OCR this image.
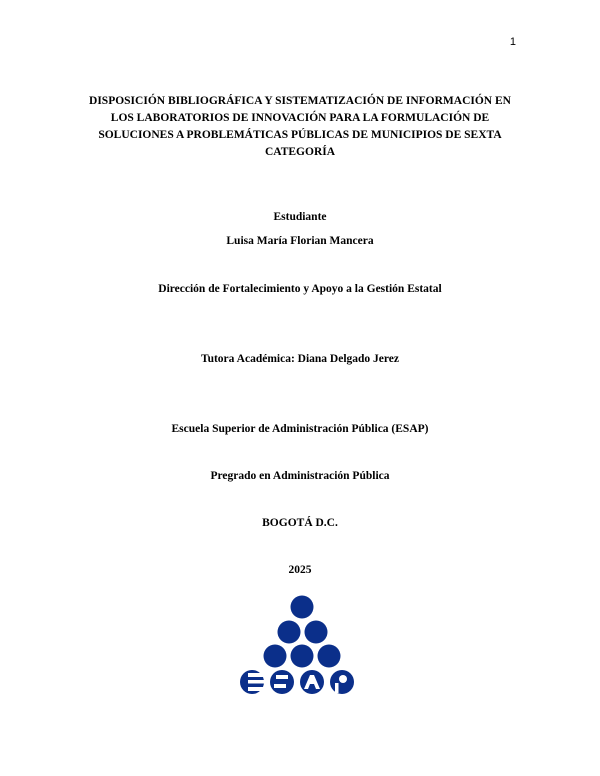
1
DISPOSICIÓN BIBLIOGRÁFICA Y SISTEMATIZACIÓN DE INFORMACIÓN EN LOS LABORATORIOS DE INNOVACIÓN PARA LA FORMULACIÓN DE SOLUCIONES A PROBLEMÁTICAS PÚBLICAS DE MUNICIPIOS DE SEXTA CATEGORÍA
Estudiante
Luisa María Florian Mancera
Dirección de Fortalecimiento y Apoyo a la Gestión Estatal
Tutora Académica: Diana Delgado Jerez
Escuela Superior de Administración Pública (ESAP)
Pregrado en Administración Pública
BOGOTÁ D.C.
2025
